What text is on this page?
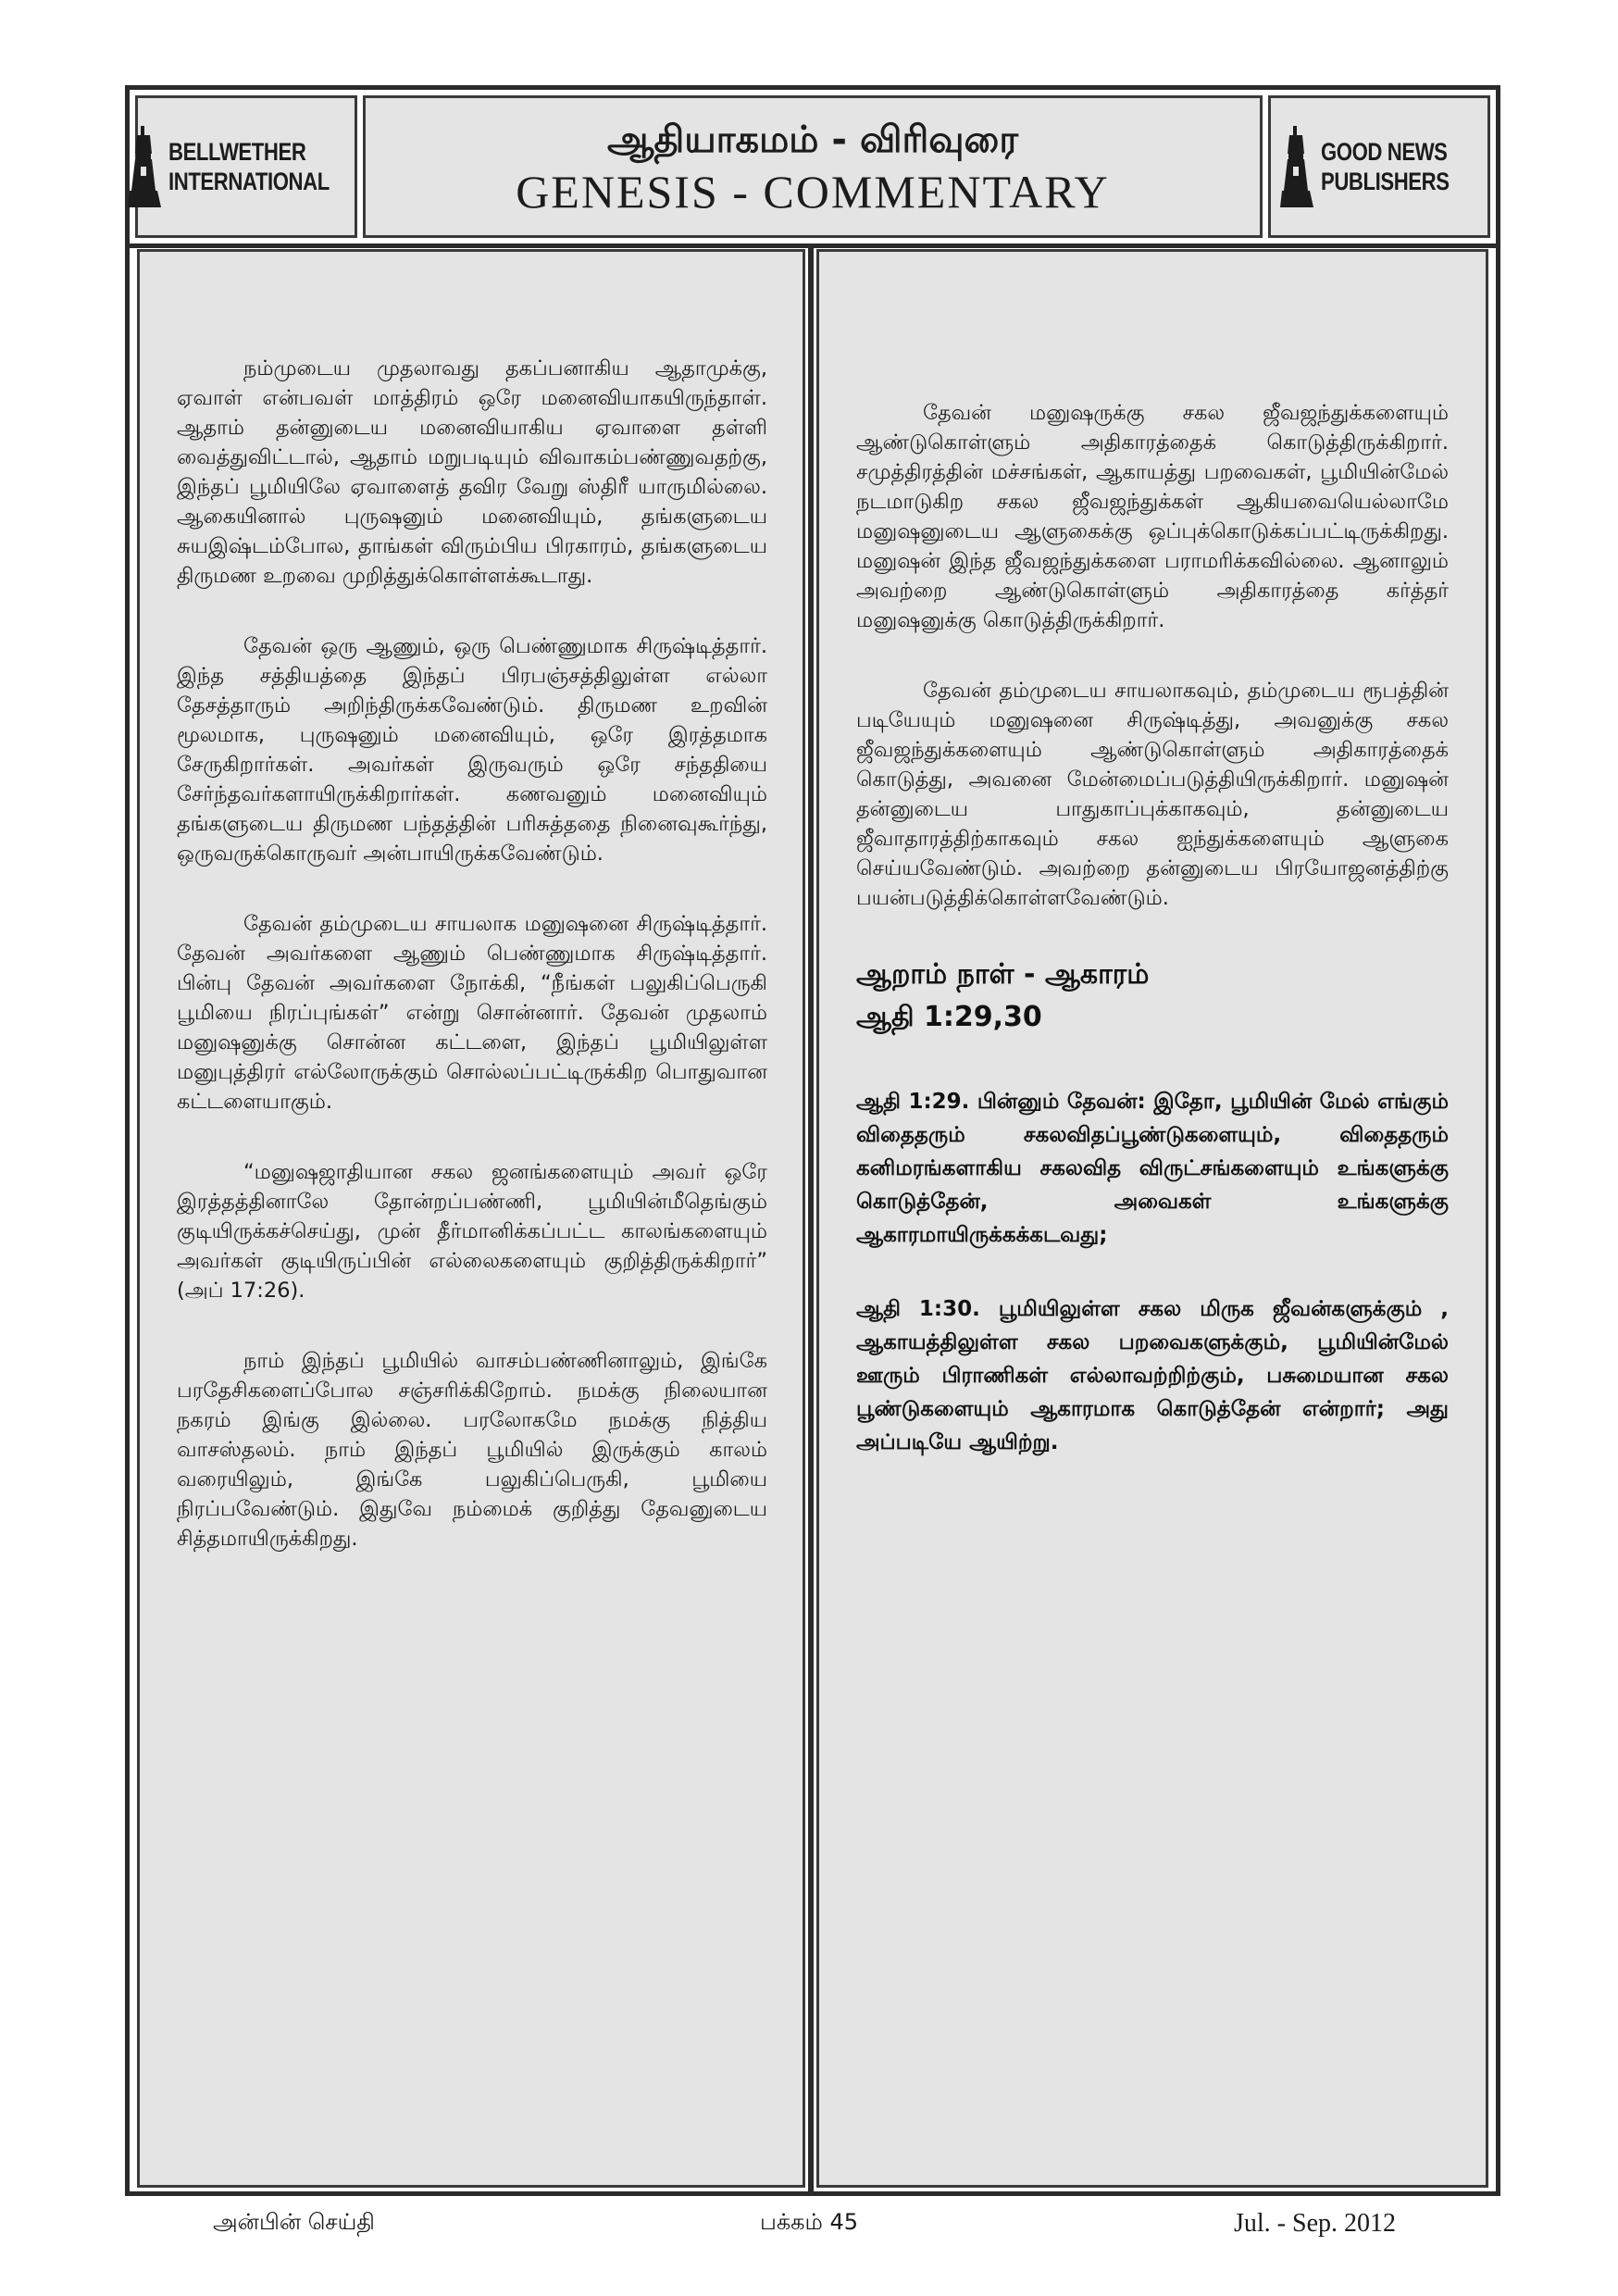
BELLWETHER
INTERNATIONAL
ஆதியாகமம் - விரிவுரை
GENESIS - COMMENTARY
GOOD NEWS
PUBLISHERS

நம்முடைய முதலாவது தகப்பனாகிய ஆதாமுக்கு, ஏவாள் என்பவள் மாத்திரம் ஒரே மனைவியாகயிருந்தாள். ஆதாம் தன்னுடைய மனைவியாகிய ஏவாளை தள்ளி வைத்துவிட்டால், ஆதாம் மறுபடியும் விவாகம்பண்ணுவதற்கு, இந்தப் பூமியிலே ஏவாளைத் தவிர வேறு ஸ்திரீ யாருமில்லை. ஆகையினால் புருஷனும் மனைவியும், தங்களுடைய சுயஇஷ்டம்போல, தாங்கள் விரும்பிய பிரகாரம், தங்களுடைய திருமண உறவை முறித்துக்கொள்ளக்கூடாது.

தேவன் ஒரு ஆணும், ஒரு பெண்ணுமாக சிருஷ்டித்தார். இந்த சத்தியத்தை இந்தப் பிரபஞ்சத்திலுள்ள எல்லா தேசத்தாரும் அறிந்திருக்கவேண்டும். திருமண உறவின் மூலமாக, புருஷனும் மனைவியும், ஒரே இரத்தமாக சேருகிறார்கள். அவர்கள் இருவரும் ஒரே சந்ததியை சேர்ந்தவர்களாயிருக்கிறார்கள். கணவனும் மனைவியும் தங்களுடைய திருமண பந்தத்தின் பரிசுத்ததை நினைவுகூர்ந்து, ஒருவருக்கொருவர் அன்பாயிருக்கவேண்டும்.

தேவன் தம்முடைய சாயலாக மனுஷனை சிருஷ்டித்தார். தேவன் அவர்களை ஆணும் பெண்ணுமாக சிருஷ்டித்தார். பின்பு தேவன் அவர்களை நோக்கி, “நீங்கள் பலுகிப்பெருகி பூமியை நிரப்புங்கள்” என்று சொன்னார். தேவன் முதலாம் மனுஷனுக்கு சொன்ன கட்டளை, இந்தப் பூமியிலுள்ள மனுபுத்திரர் எல்லோருக்கும் சொல்லப்பட்டிருக்கிற பொதுவான கட்டளையாகும்.

“மனுஷஜாதியான சகல ஜனங்களையும் அவர் ஒரே இரத்தத்தினாலே தோன்றப்பண்ணி, பூமியின்மீதெங்கும் குடியிருக்கச்செய்து, முன் தீர்மானிக்கப்பட்ட காலங்களையும் அவர்கள் குடியிருப்பின் எல்லைகளையும் குறித்திருக்கிறார்” (அப் 17:26).

நாம் இந்தப் பூமியில் வாசம்பண்ணினாலும், இங்கே பரதேசிகளைப்போல சஞ்சரிக்கிறோம். நமக்கு நிலையான நகரம் இங்கு இல்லை. பரலோகமே நமக்கு நித்திய வாசஸ்தலம். நாம் இந்தப் பூமியில் இருக்கும் காலம் வரையிலும், இங்கே பலுகிப்பெருகி, பூமியை நிரப்பவேண்டும். இதுவே நம்மைக் குறித்து தேவனுடைய சித்தமாயிருக்கிறது.

தேவன் மனுஷருக்கு சகல ஜீவஜந்துக்களையும் ஆண்டுகொள்ளும் அதிகாரத்தைக் கொடுத்திருக்கிறார். சமுத்திரத்தின் மச்சங்கள், ஆகாயத்து பறவைகள், பூமியின்மேல் நடமாடுகிற சகல ஜீவஜந்துக்கள் ஆகியவையெல்லாமே மனுஷனுடைய ஆளுகைக்கு ஒப்புக்கொடுக்கப்பட்டிருக்கிறது. மனுஷன் இந்த ஜீவஜந்துக்களை பராமரிக்கவில்லை. ஆனாலும் அவற்றை ஆண்டுகொள்ளும் அதிகாரத்தை கர்த்தர் மனுஷனுக்கு கொடுத்திருக்கிறார்.

தேவன் தம்முடைய சாயலாகவும், தம்முடைய ரூபத்தின் படியேயும் மனுஷனை சிருஷ்டித்து, அவனுக்கு சகல ஜீவஜந்துக்களையும் ஆண்டுகொள்ளும் அதிகாரத்தைக் கொடுத்து, அவனை மேன்மைப்படுத்தியிருக்கிறார். மனுஷன் தன்னுடைய பாதுகாப்புக்காகவும், தன்னுடைய ஜீவாதாரத்திற்காகவும் சகல ஐந்துக்களையும் ஆளுகை செய்யவேண்டும். அவற்றை தன்னுடைய பிரயோஜனத்திற்கு பயன்படுத்திக்கொள்ளவேண்டும்.

ஆறாம் நாள் - ஆகாரம்
ஆதி 1:29,30

ஆதி 1:29. பின்னும் தேவன்: இதோ, பூமியின் மேல் எங்கும் விதைதரும் சகலவிதப்பூண்டுகளையும், விதைதரும் கனிமரங்களாகிய சகலவித விருட்சங்களையும் உங்களுக்கு கொடுத்தேன், அவைகள் உங்களுக்கு ஆகாரமாயிருக்கக்கடவது;

ஆதி 1:30. பூமியிலுள்ள சகல மிருக ஜீவன்களுக்கும் , ஆகாயத்திலுள்ள சகல பறவைகளுக்கும், பூமியின்மேல் ஊரும் பிராணிகள் எல்லாவற்றிற்கும், பசுமையான சகல பூண்டுகளையும் ஆகாரமாக கொடுத்தேன் என்றார்; அது அப்படியே ஆயிற்று.

பக்கம் 45
அன்பின் செய்தி	Jul. - Sep. 2012
